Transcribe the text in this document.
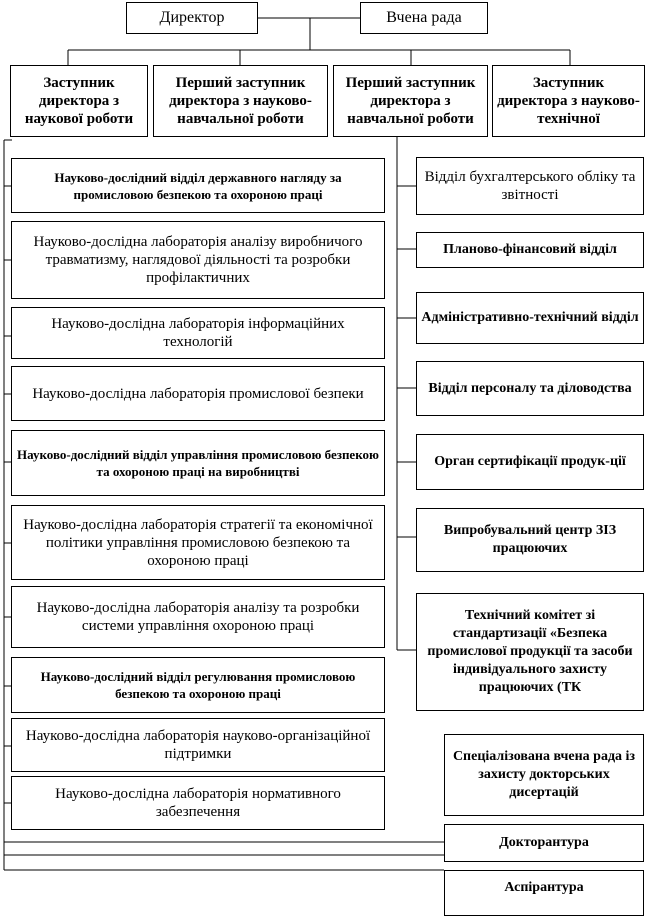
Директор	Вчена рада
Заступник директора з наукової роботи
Перший заступник директора з науково-навчальної роботи
Перший заступник директора з навчальної роботи
Заступник директора з науково-технічної
Науково-дослідний відділ державного нагляду за промисловою безпекою та охороною праці
Науково-дослідна лабораторія аналізу виробничого травматизму, наглядової діяльності та розробки профілактичних
Науково-дослідна лабораторія інформаційних технологій
Науково-дослідна лабораторія промислової безпеки
Науково-дослідний відділ управління промисловою безпекою та охороною праці на виробництві
Науково-дослідна лабораторія стратегії та економічної політики управління промисловою безпекою та охороною праці
Науково-дослідна лабораторія аналізу та розробки системи управління охороною праці
Науково-дослідний відділ регулювання промисловою безпекою та охороною праці
Науково-дослідна лабораторія науково-організаційної підтримки
Науково-дослідна лабораторія нормативного забезпечення
Відділ бухгалтерського обліку та звітності
Планово-фінансовий відділ
Адміністративно-технічний відділ
Відділ персоналу та діловодства
Орган сертифікації продук-ції
Випробувальний центр ЗІЗ працюючих
Технічний комітет зі стандартизації «Безпека промислової продукції та засоби індивідуального захисту працюючих (ТК
Спеціалізована вчена рада із захисту докторських дисертацій
Докторантура
Аспірантура
